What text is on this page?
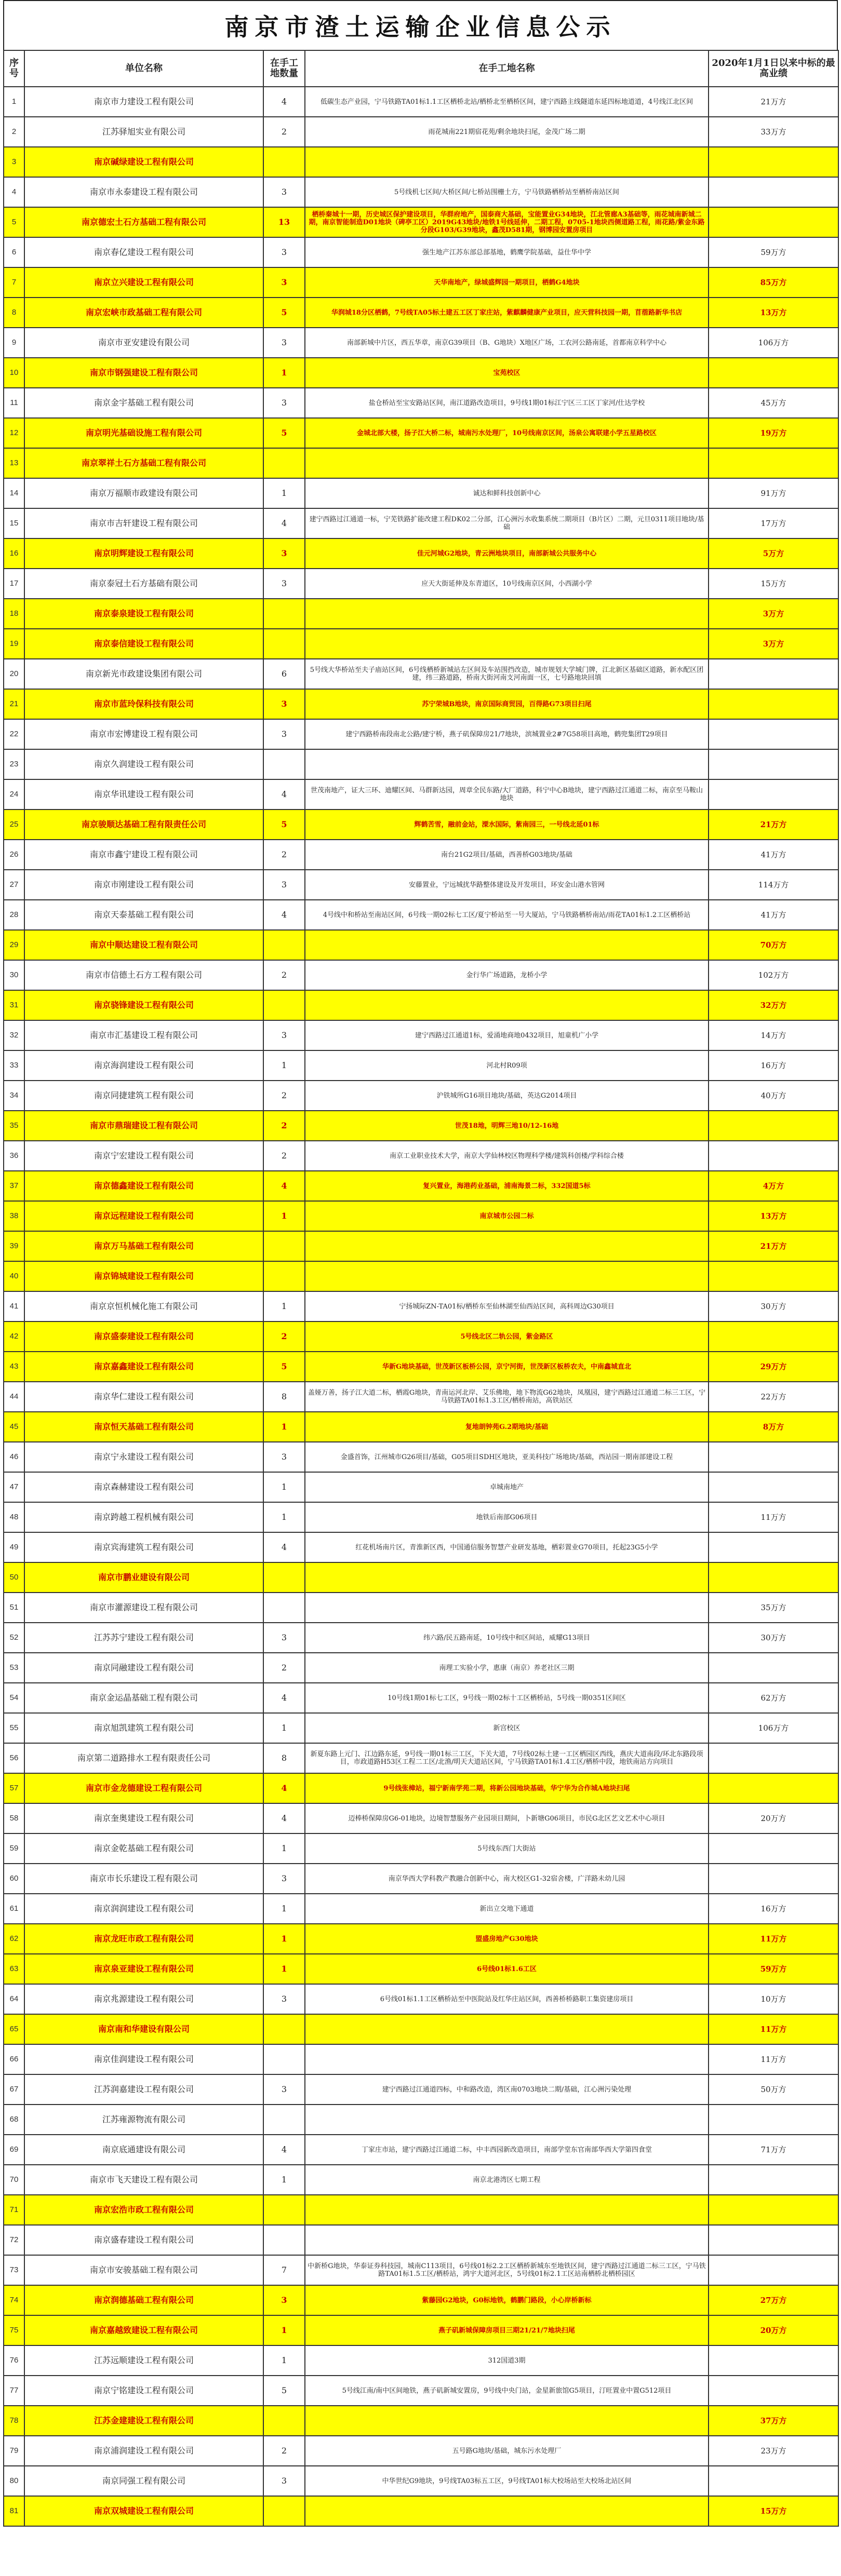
南京市渣土运输企业信息公示
序号	单位名称	在手工地数量	在手工地名称	2020年1月1日以来中标的最高业绩
1	南京市力建设工程有限公司	4	低碳生态产业园，宁马铁路TA01标1.1工区栖桥北站/栖桥北至栖桥区间，建宁西路主线隧道东延四标地道道，4号线江北区间	21万方
2	江苏驿旭实业有限公司	2	雨花城南221期宿花苑/剩余地块扫尾，金茂广场二期	33万方
3	南京碱绿建设工程有限公司			
4	南京市永泰建设工程有限公司	3	5号线机七区间/大桥区间/七桥站围栅土方，宁马铁路栖桥站至栖桥南站区间	
5	南京德宏土石方基础工程有限公司	13	栖桥秦城十一期，历史城区保护建设项目，华群府地产，国泰商大基础，宝能置业G34地块，江北管廊A3基础等，雨花城南新城二期，南京智能制造D01地块（碑亭工区）2019G43地块/地铁1号线延伸，二期工程，0705-1地块西侧道路工程，雨花路/紫金东路分段G103/G39地块，鑫茂D581期，钢博园安置房项目	
6	南京春亿建设工程有限公司	3	强生地产江苏东部总部基地，鹤鹰学院基础，益仕华中学	59万方
7	南京立兴建设工程有限公司	3	天华南地产，绿城盛辉园一期项目，栖鹤G4地块	85万方
8	南京宏峡市政基础工程有限公司	5	华润城18分区栖鹤，7号线TA05标土建五工区丁家庄站，紫麒麟健康产业项目，应天营科技园一期，苜蓿路新华书店	13万方
9	南京市亚安建设有限公司	3	南部新城中片区，西五华章，南京G39项目（B、G地块）X地区广场，工农河公路南延，首都南京科学中心	106万方
10	南京市钢强建设工程有限公司	1	宝苑校区	
11	南京金宇基础工程有限公司	3	盐仓桥站至宝安路站区间，南江道路改造项目，9号线1期01标江宁区三工区丁家河/仕达学校	45万方
12	南京明光基础设施工程有限公司	5	金城北部大楼，扬子江大桥二标，城南污水处理厂，10号线南京区间，汤泉公寓联建小学五星路校区	19万方
13	南京翠祥土石方基础工程有限公司			
14	南京万福顺市政建设有限公司	1	诚达和鲜科技创新中心	91万方
15	南京市吉轩建设工程有限公司	4	建宁西路过江通道一标，宁芜铁路扩能改建工程DK02二分部，江心洲污水收集系统二期项目（B片区）二期，元旦0311项目地块/基础	17万方
16	南京明辉建设工程有限公司	3	佳元河城G2地块，青云洲地块项目，南部新城公共服务中心	5万方
17	南京泰冠土石方基础有限公司	3	应天大街延伸及东青道区，10号线南京区间，小西湖小学	15万方
18	南京泰泉建设工程有限公司			3万方
19	南京泰信建设工程有限公司			3万方
20	南京新光市政建设集团有限公司	6	5号线大华桥站至夫子庙站区间，6号线栖桥新城站左区间及车站围挡改造，城市规划大学城门牌，江北新区基础区道路，新水配区团建，纬三路道路，桥南大街河南支河南面一区，七号路地块回填	
21	南京市蓝玲保科技有限公司	3	苏宁荣城B地块，南京国际商贸园，百得路G73项目扫尾	
22	南京市宏博建设工程有限公司	3	建宁西路桥南段南北公路/建宁桥，燕子矶保障房21/7地块，滨城置业2#7G58项目高地，鹤兜集团T29项目	
23	南京久润建设工程有限公司			
24	南京华讯建设工程有限公司	4	世茂南地产，证大三环、迪耀区间、马群新达园，周章全民东路/大厂道路，科宁中心B地块，建宁西路过江通道二标，南京至马鞍山地块	
25	南京骏顺达基础工程有限责任公司	5	辉鹤苦雪，融前金站，溧水国际，紫南园三，一号线北延01标	21万方
26	南京市鑫宁建设工程有限公司	2	南台21G2项目/基础，西善桥G03地块/基础	41万方
27	南京市刚建设工程有限公司	3	安藤置业，宁远城扰华路整体建设及开发项目，环安金山港水管网	114万方
28	南京天泰基础工程有限公司	4	4号线中和桥站至南站区间，6号线一期02标七工区/夏宁桥站至一号大厦站，宁马铁路栖桥南站/雨花TA01标1.2工区栖桥站	41万方
29	南京中顺达建设工程有限公司			70万方
30	南京市信德土石方工程有限公司	2	金行华广场道路，龙桥小学	102万方
31	南京骁锋建设工程有限公司			32万方
32	南京市汇基建设工程有限公司	3	建宁西路过江通道1标，爱涌地商地0432项目，旭童机广小学	14万方
33	南京海润建设工程有限公司	1	河北村R09项	16万方
34	南京同捷建筑工程有限公司	2	沪铁城所G16项目地块/基础，英达G2014项目	40万方
35	南京市鼎瑞建设工程有限公司	2	世茂18地，明辉三地10/12-16地	
36	南京宁宏建设工程有限公司	2	南京工业职业技术大学，南京大学仙林校区物理科学楼/建筑科创楼/学科综合楼	
37	南京德鑫建设工程有限公司	4	复兴置业，海港药业基础，浦南海景二标，332国道5标	4万方
38	南京远程建设工程有限公司	1	南京城市公园二标	13万方
39	南京万马基础工程有限公司			21万方
40	南京锦城建设工程有限公司			
41	南京京恒机械化施工有限公司	1	宁扬城际ZN-TA01标/栖桥东至仙林湖至仙西站区间，高科周边G30项目	30万方
42	南京盛泰建设工程有限公司	2	5号线北区二轨公园，紫金路区	
43	南京嘉鑫建设工程有限公司	5	华新G地块基础，世茂新区板桥公园，京宁河街，世茂新区板桥农夫，中南鑫城直北	29万方
44	南京华仁建设工程有限公司	8	盖娅万善，扬子江大道二标，栖霞G地块，青南运河北岸、艾乐佛地，地下物流G62地块，凤凰园，建宁西路过江通道二标三工区，宁马铁路TA01标1.3工区/栖桥南站，高铁站区	22万方
45	南京恒天基础工程有限公司	1	复地朗钟苑G.2期地块/基础	8万方
46	南京宁永建设工程有限公司	3	金盛首饰，江州城市G26项目/基础，G05项目SDH区地块，亚美科技广场地块/基础，西站园一期南部建设工程	
47	南京森赫建设工程有限公司	1	卓城南地产	
48	南京跨越工程机械有限公司	1	地铁后南部G06项目	11万方
49	南京宾海建筑工程有限公司	4	红花机场南片区，青淮新区西，中国通信服务智慧产业研发基地，栖彩置业G70项目，托起23G5小学	
50	南京市鹏业建设有限公司			
51	南京市灌源建设工程有限公司			35万方
52	江苏苏宁建设工程有限公司	3	纬六路/民五路南延，10号线中和区间站，威耀G13项目	30万方
53	南京同融建设工程有限公司	2	南理工实验小学，惠康（南京）养老社区三期	
54	南京金运晶基础工程有限公司	4	10号线1期01标七工区，9号线一期02标十工区栖桥站，5号线一期0351区间区	62万方
55	南京旭凯建筑工程有限公司	1	新宫校区	106万方
56	南京第二道路排水工程有限责任公司	8	新夏东路上元门、江边路东延，9号线一期01标三工区，下关大道，7号线02标土建一工区栖园区西线，燕庆大道南段/环北东路段项目，市政道路H53区工程二工区/北渔/明天大道站区间，宁马铁路TA01标1.4工区/栖桥中段，地铁南站方向项目	
57	南京市金龙德建设工程有限公司	4	9号线张樟站，福宁新南学苑二期，将新公园地块基础，华宁华为合作城A地块扫尾	
58	南京奎奥建设工程有限公司	4	迈棒桥保障房G6-01地块，边境智慧服务产业园项目期间，卜新塘G06项目，市民G北区艺文艺术中心项目	20万方
59	南京金乾基础工程有限公司	1	5号线东西门大街站	
60	南京市长乐建设工程有限公司	3	南京华西大学科教产教融合创新中心，南大校区G1-32宿舍楼，广洋路未幼儿园	
61	南京润润建设工程有限公司	1	新出立交地下通道	16万方
62	南京龙旺市政工程有限公司	1	盟盛房地产G30地块	11万方
63	南京泉亚建设工程有限公司	1	6号线01标1.6工区	59万方
64	南京兆源建设工程有限公司	3	6号线01标1.1工区栖桥站至中医院站及红华庄站区间，西善桥桥路职工集资建房项目	10万方
65	南京南和华建设有限公司			11万方
66	南京佳润建设工程有限公司			11万方
67	江苏润嘉建设工程有限公司	3	建宁西路过江通道四标，中和路改造，湾区南0703地块二期/基础，江心洲污染处理	50万方
68	江苏雍源物流有限公司			
69	南京底通建设有限公司	4	丁家庄市站，建宁西路过江通道二标，中丰西园新改造项目，南部学堂东官南部华西大学第四食堂	71万方
70	南京市飞天建设工程有限公司	1	南京北港湾区七期工程	
71	南京宏浩市政工程有限公司			
72	南京盛春建设工程有限公司			
73	南京市安骏基础工程有限公司	7	中新桥G地块，华泰证券科技园，城南C113项目，6号线01标2.2工区栖桥新城东至地铁区间，建宁西路过江通道二标三工区，宁马铁路TA01标1.5工区/栖桥站，鸿宇大道河北区，5号线01标2.1工区站南栖桥北栖桥园区	
74	南京润德基础工程有限公司	3	紫藤园G2地块，G0标地铁，鹤鹏门路段，小心岸桥新标	27万方
75	南京嘉越致建设工程有限公司	1	燕子矶新城保障房项目三期21/21/7地块扫尾	20万方
76	江苏远顺建设工程有限公司	1	312国道3期	
77	南京宁铭建设工程有限公司	5	5号线江南/南中区间地铁，燕子矶新城安置房，9号线中央门站，金星新旅馆G5项目，汀旺置业中置G512项目	
78	江苏金建建设工程有限公司			37万方
79	南京浦润建设工程有限公司	2	五号路G地块/基础，城东污水处理厂	23万方
80	南京同强工程有限公司	3	中华世纪G9地块，9号线TA03标五工区，9号线TA01标大校场站至大校场北站区间	
81	南京双城建设工程有限公司			15万方
